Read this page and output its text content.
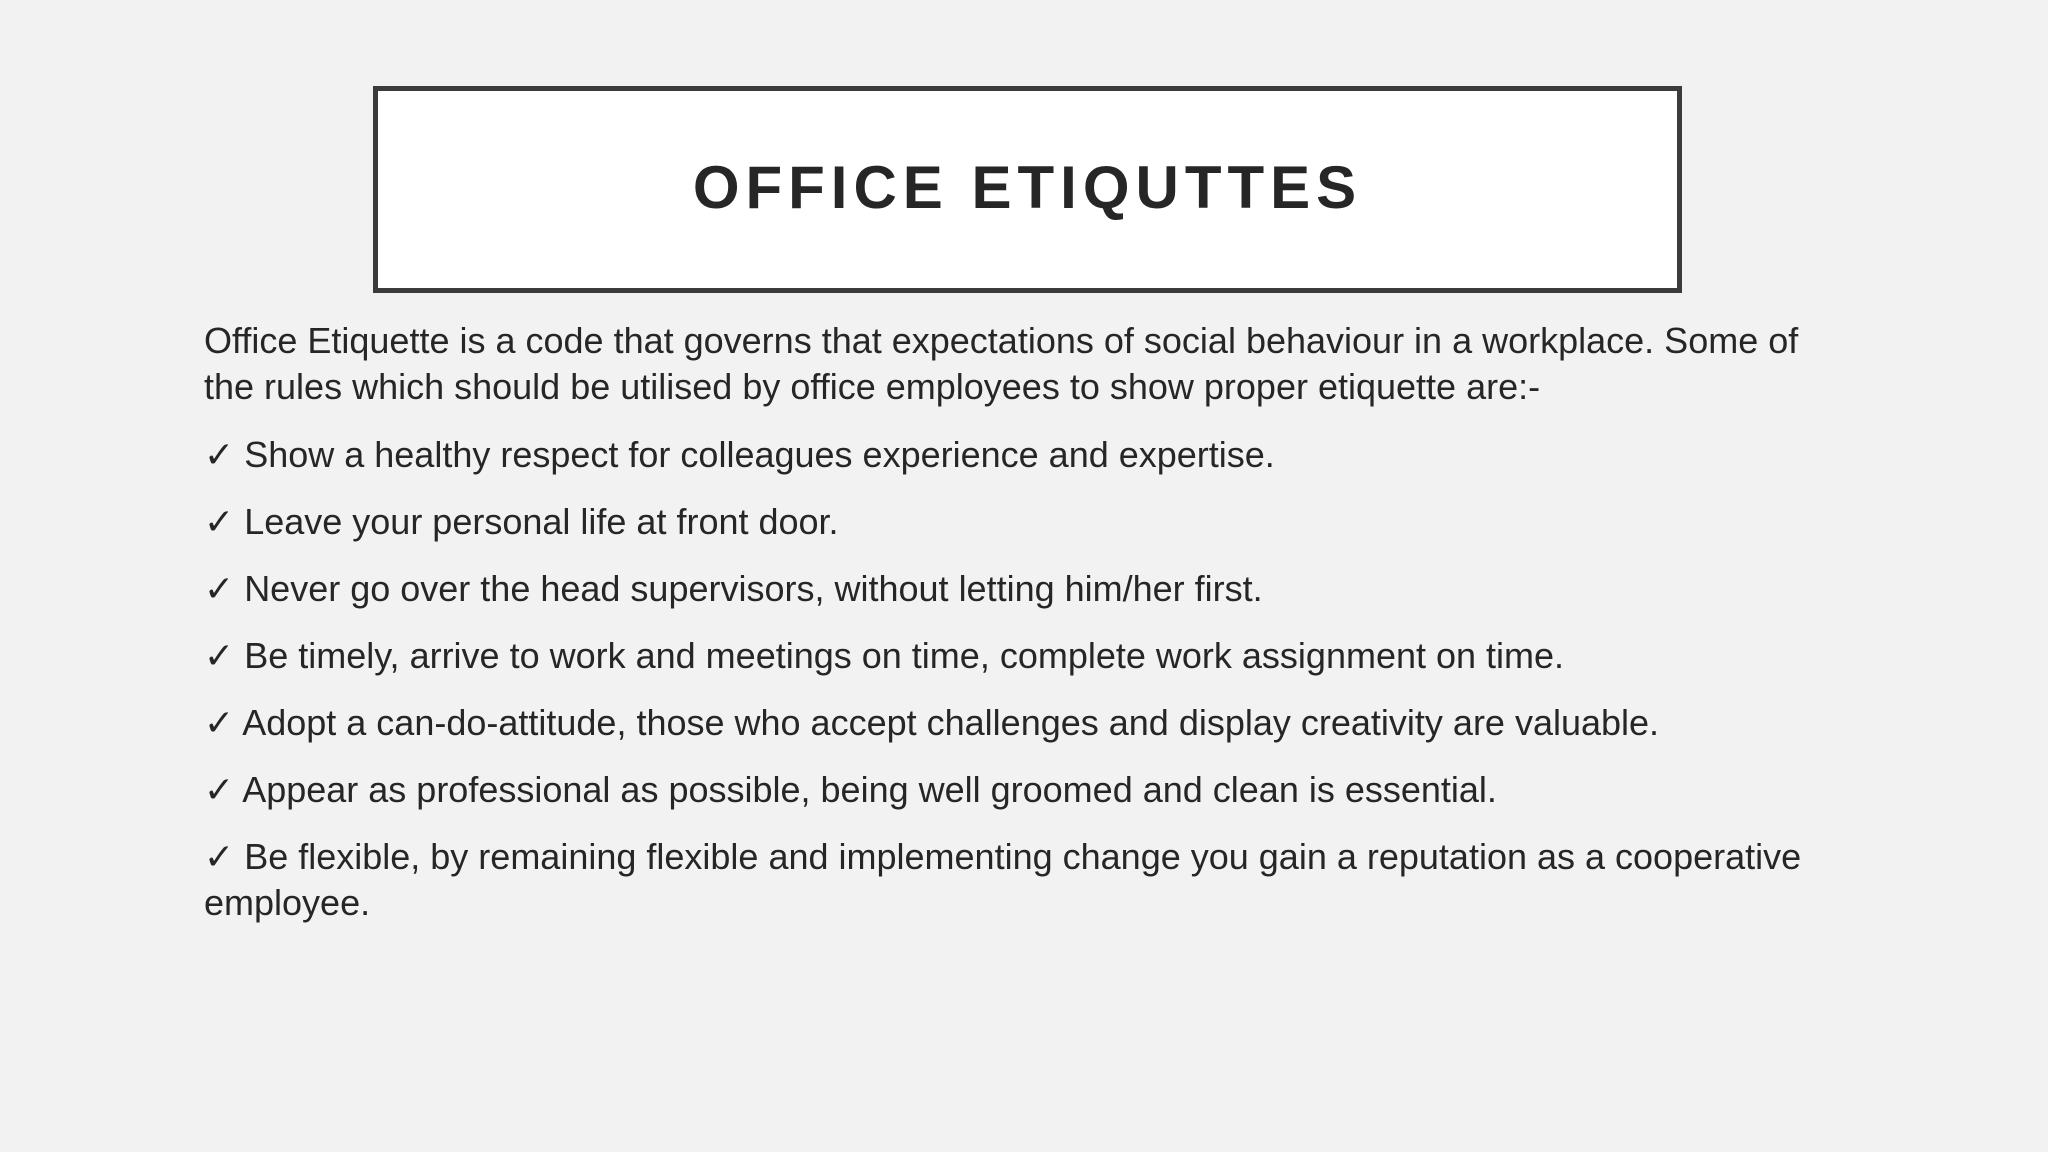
OFFICE ETIQUTTES

Office Etiquette is a code that governs that expectations of social behaviour in a workplace. Some of the rules which should be utilised by office employees to show proper etiquette are:-

✓ Show a healthy respect for colleagues experience and expertise.

✓ Leave your personal life at front door.

✓ Never go over the head supervisors, without letting him/her first.

✓ Be timely, arrive to work and meetings on time, complete work assignment on time.

✓ Adopt a can-do-attitude, those who accept challenges and display creativity are valuable.

✓ Appear as professional as possible, being well groomed and clean is essential.

✓ Be flexible, by remaining flexible and implementing change you gain a reputation as a cooperative employee.
